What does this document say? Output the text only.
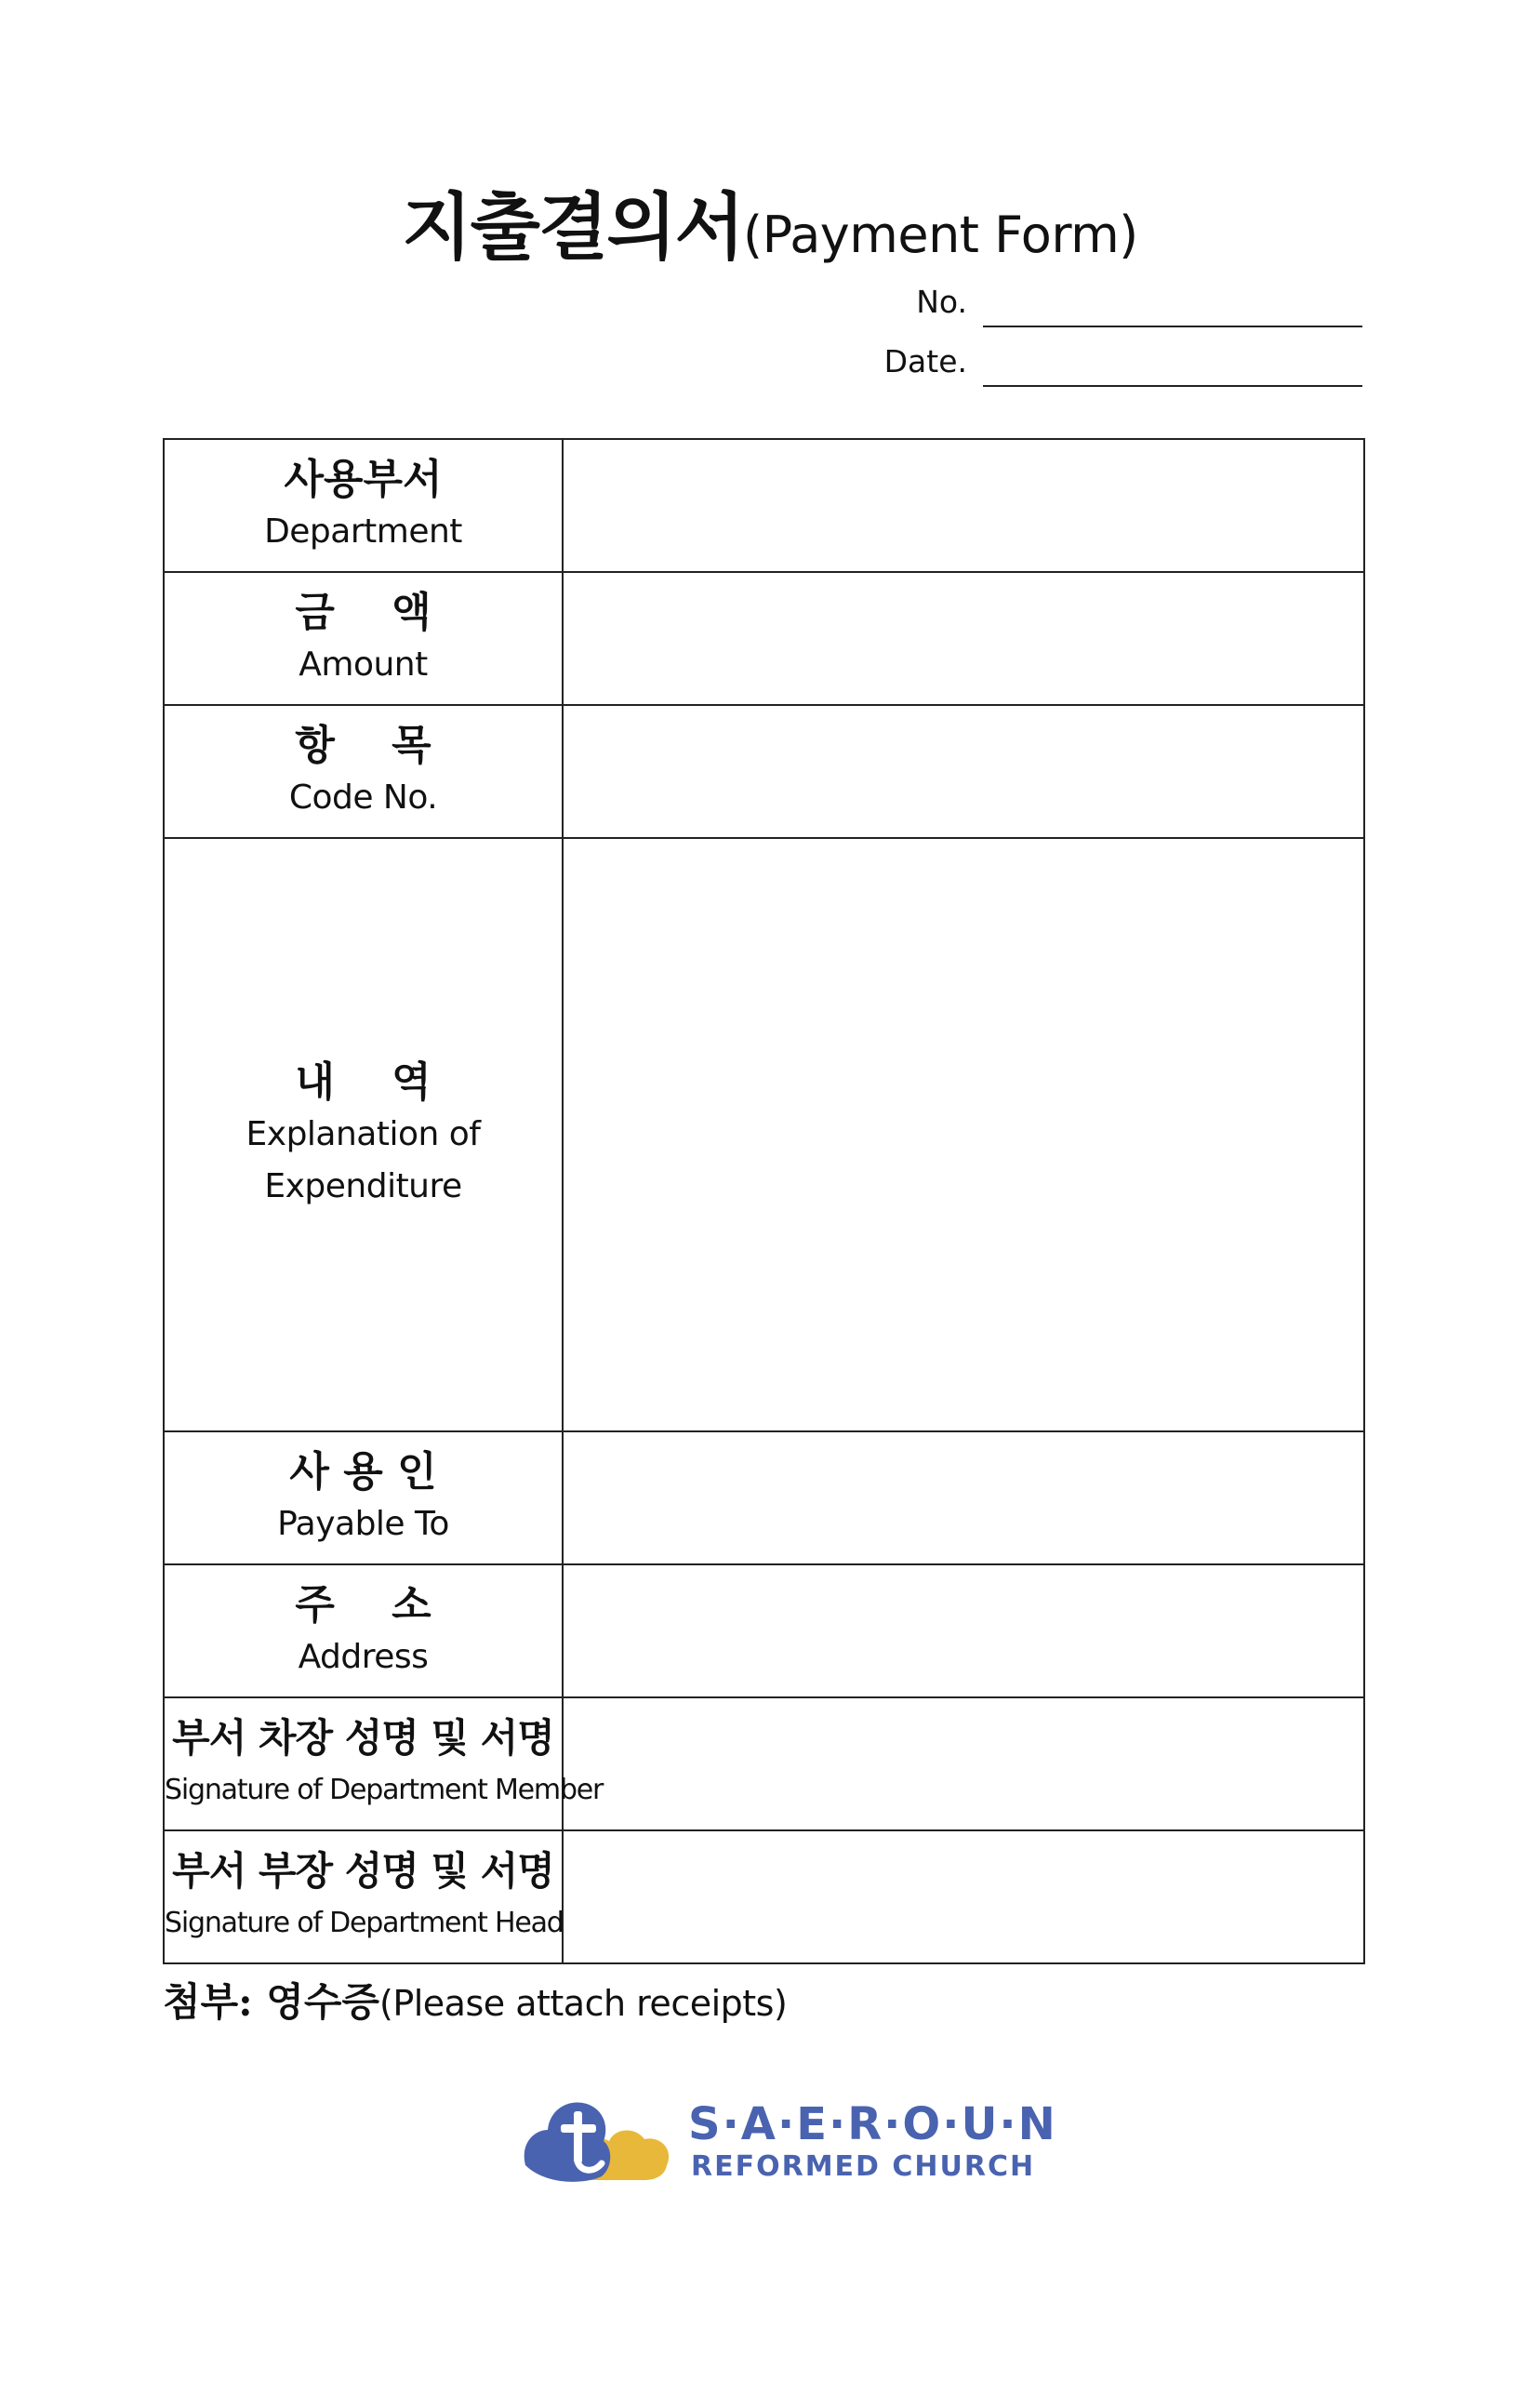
지출결의서(Payment Form)
No.
Date.
사용부서
Department	

금    액
Amount	

항    목
Code No.	

내    역
Explanation of
Expenditure	

사 용 인
Payable To	

주    소
Address	

부서 차장 성명 및 서명
Signature of Department Member	

부서 부장 성명 및 서명
Signature of Department Head	

첨부: 영수증(Please attach receipts)
S·A·E·R·O·U·N
REFORMED CHURCH
